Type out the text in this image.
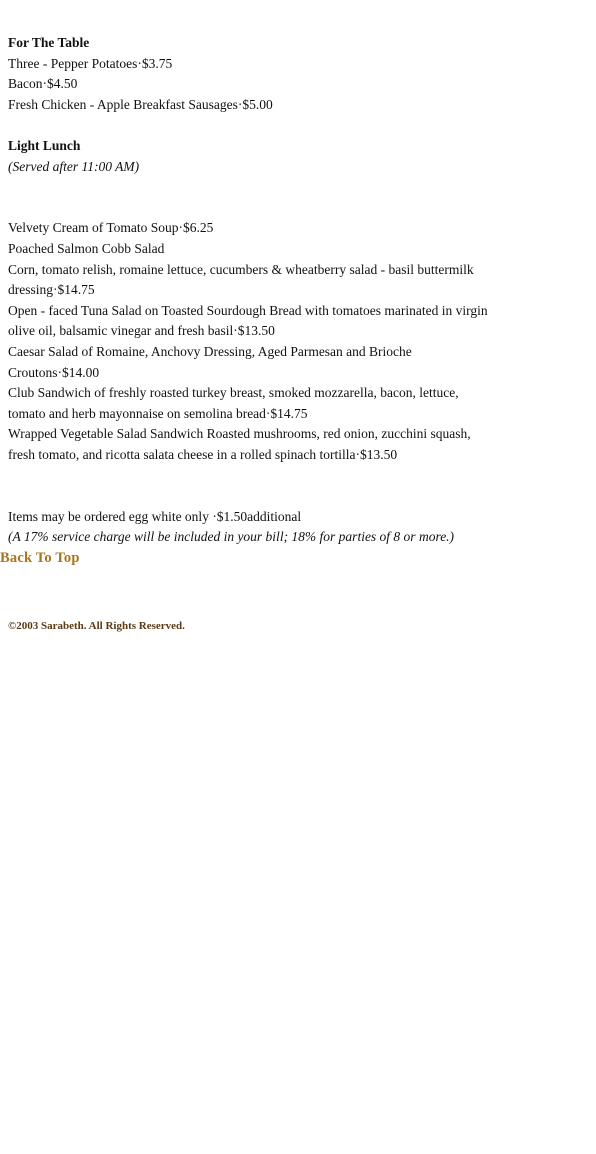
For The Table
Three - Pepper Potatoes·$3.75
Bacon·$4.50
Fresh Chicken - Apple Breakfast Sausages·$5.00
Light Lunch
(Served after 11:00 AM)
Velvety Cream of Tomato Soup·$6.25
Poached Salmon Cobb Salad
Corn, tomato relish, romaine lettuce, cucumbers & wheatberry salad - basil buttermilk
dressing·$14.75
Open - faced Tuna Salad on Toasted Sourdough Bread with tomatoes marinated in virgin
olive oil, balsamic vinegar and fresh basil·$13.50
Caesar Salad of Romaine, Anchovy Dressing, Aged Parmesan and Brioche
Croutons·$14.00
Club Sandwich of freshly roasted turkey breast, smoked mozzarella, bacon, lettuce,
tomato and herb mayonnaise on semolina bread·$14.75
Wrapped Vegetable Salad Sandwich Roasted mushrooms, red onion, zucchini squash,
fresh tomato, and ricotta salata cheese in a rolled spinach tortilla·$13.50
Items may be ordered egg white only ·$1.50additional
(A 17% service charge will be included in your bill; 18% for parties of 8 or more.)
Back To Top
©2003 Sarabeth. All Rights Reserved.
